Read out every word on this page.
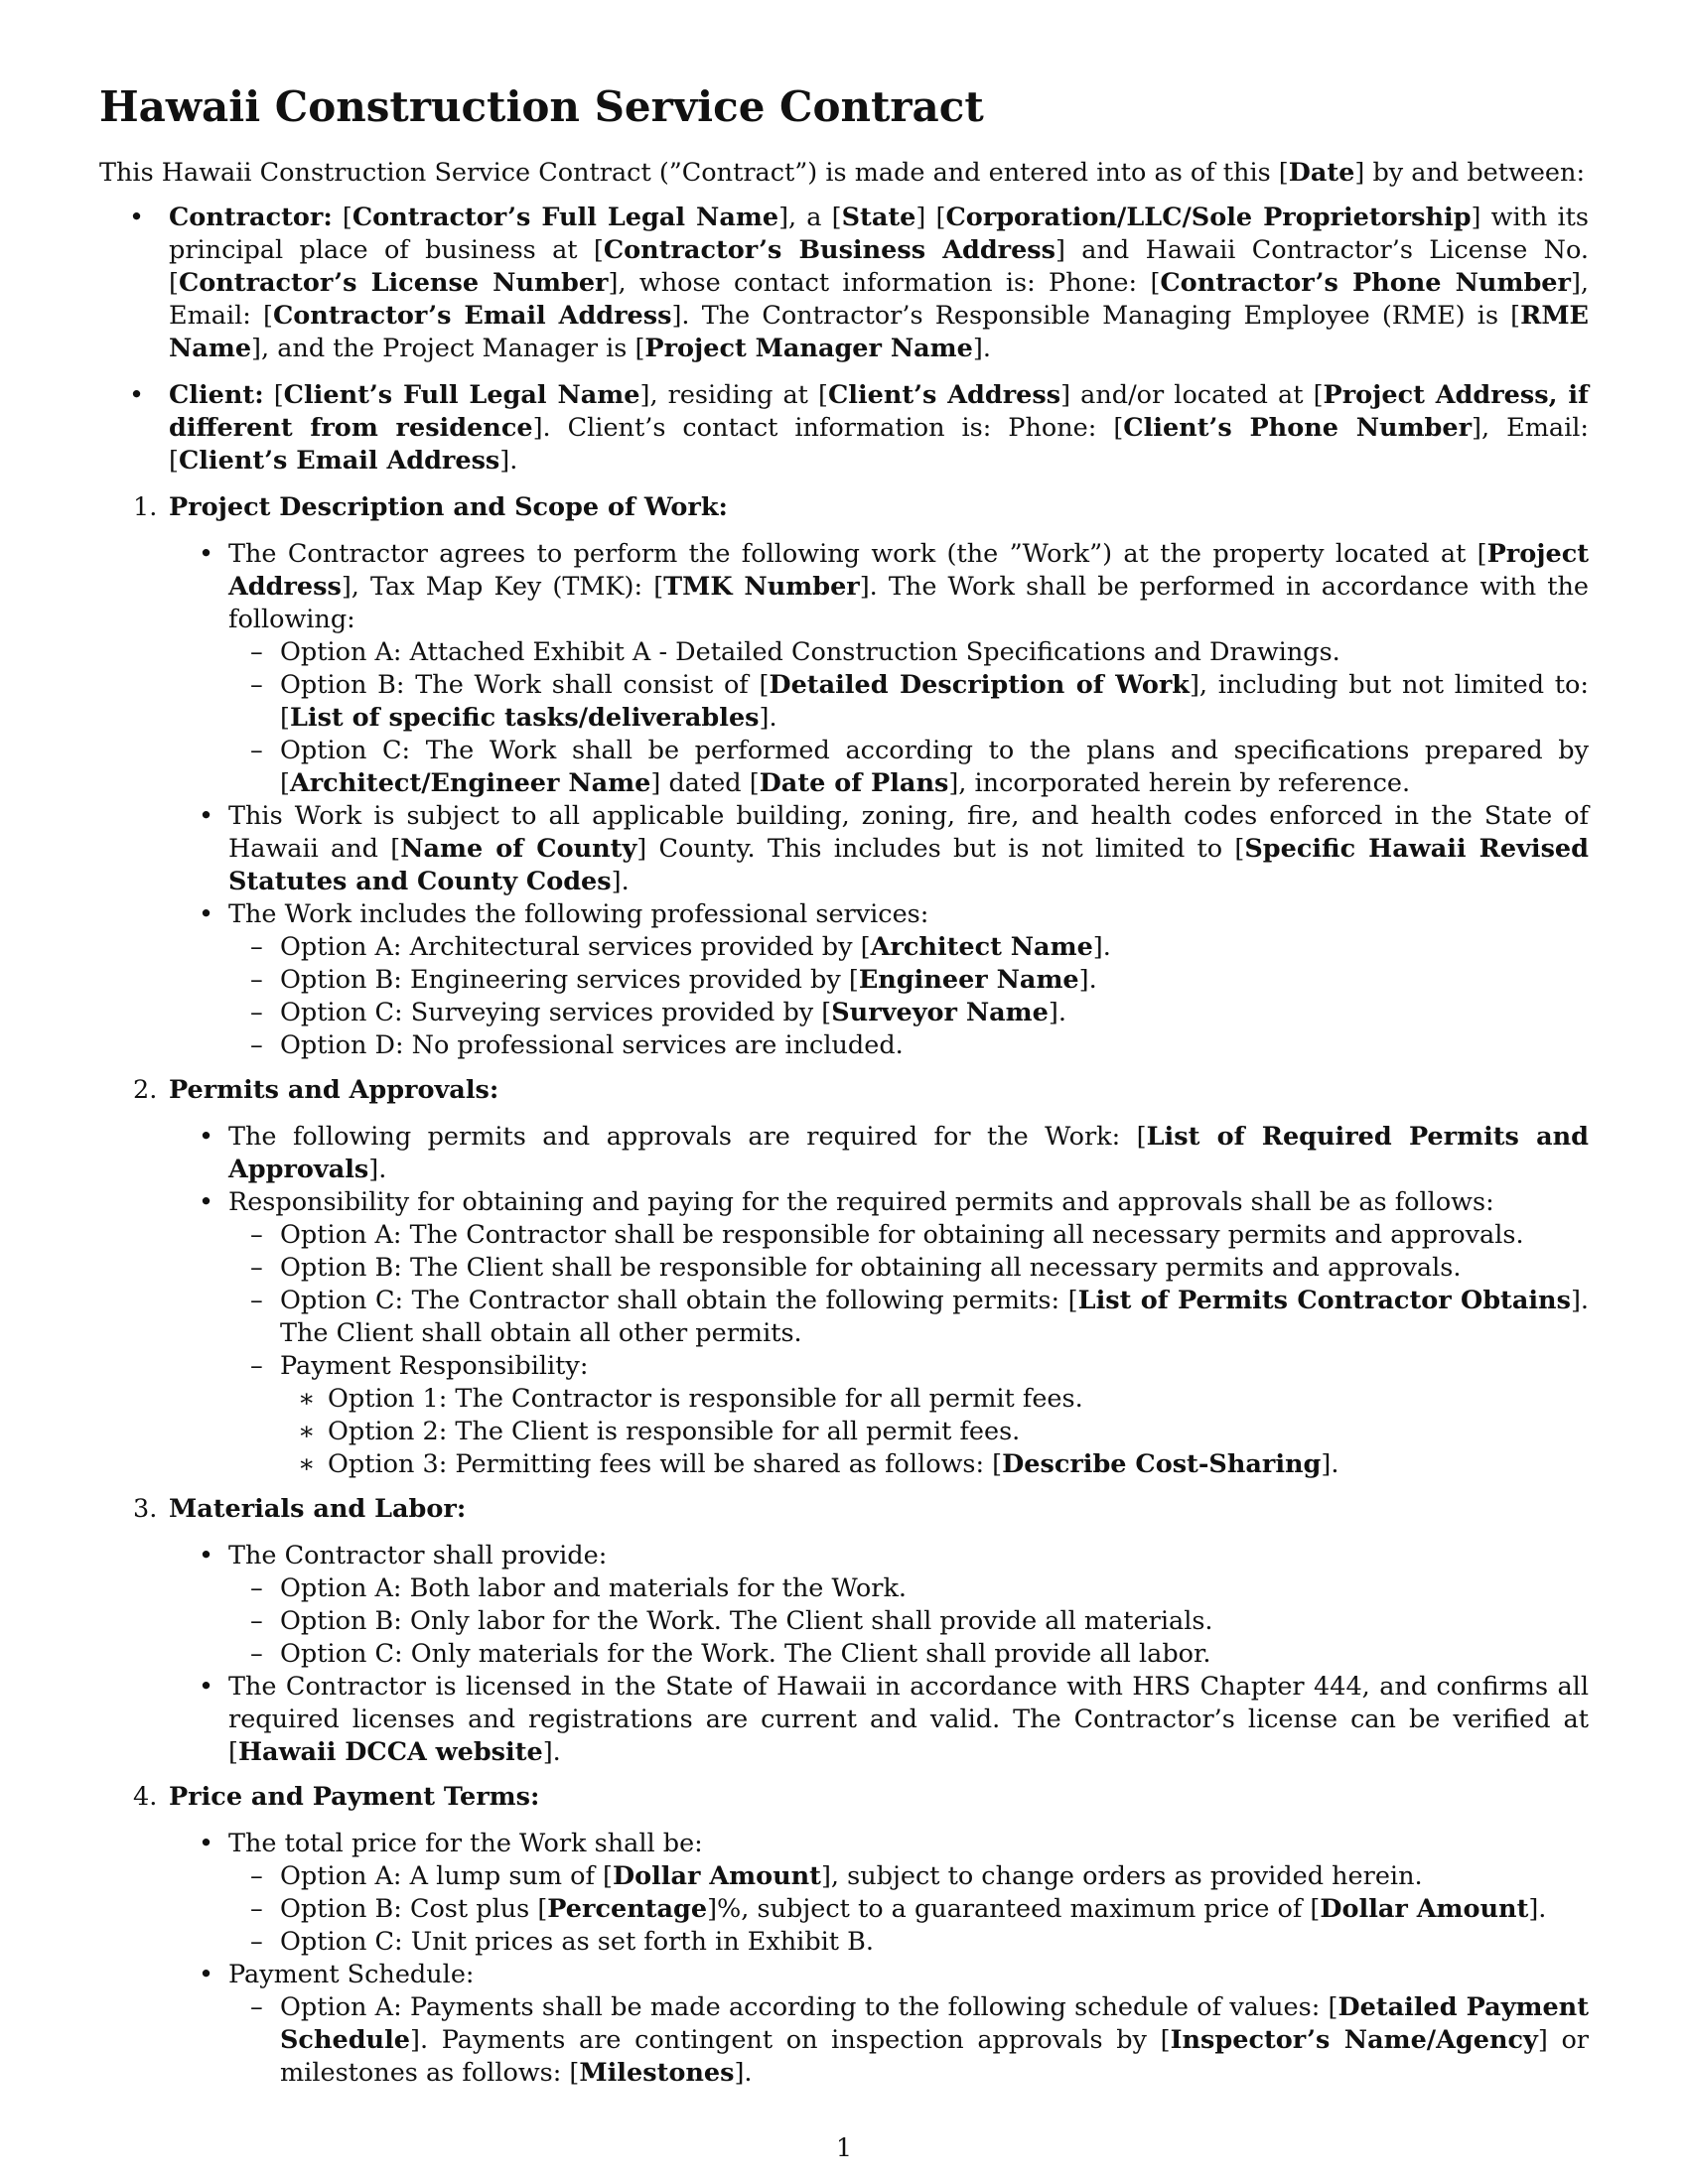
Hawaii Construction Service Contract

This Hawaii Construction Service Contract (”Contract”) is made and entered into as of this [Date] by and between:

• Contractor: [Contractor’s Full Legal Name], a [State] [Corporation/LLC/Sole Proprietorship] with its principal place of business at [Contractor’s Business Address] and Hawaii Contractor’s License No. [Contractor’s License Number], whose contact information is: Phone: [Contractor’s Phone Number], Email: [Contractor’s Email Address]. The Contractor’s Responsible Managing Employee (RME) is [RME Name], and the Project Manager is [Project Manager Name].
• Client: [Client’s Full Legal Name], residing at [Client’s Address] and/or located at [Project Address, if different from residence]. Client’s contact information is: Phone: [Client’s Phone Number], Email: [Client’s Email Address].
1. Project Description and Scope of Work:
• The Contractor agrees to perform the following work (the ”Work”) at the property located at [Project Address], Tax Map Key (TMK): [TMK Number]. The Work shall be performed in accordance with the following:
– Option A: Attached Exhibit A - Detailed Construction Specifications and Drawings.
– Option B: The Work shall consist of [Detailed Description of Work], including but not limited to: [List of specific tasks/deliverables].
– Option C: The Work shall be performed according to the plans and specifications prepared by [Architect/Engineer Name] dated [Date of Plans], incorporated herein by reference.
• This Work is subject to all applicable building, zoning, fire, and health codes enforced in the State of Hawaii and [Name of County] County. This includes but is not limited to [Specific Hawaii Revised Statutes and County Codes].
• The Work includes the following professional services:
– Option A: Architectural services provided by [Architect Name].
– Option B: Engineering services provided by [Engineer Name].
– Option C: Surveying services provided by [Surveyor Name].
– Option D: No professional services are included.
2. Permits and Approvals:
• The following permits and approvals are required for the Work: [List of Required Permits and Approvals].
• Responsibility for obtaining and paying for the required permits and approvals shall be as follows:
– Option A: The Contractor shall be responsible for obtaining all necessary permits and approvals.
– Option B: The Client shall be responsible for obtaining all necessary permits and approvals.
– Option C: The Contractor shall obtain the following permits: [List of Permits Contractor Obtains]. The Client shall obtain all other permits.
– Payment Responsibility:
∗ Option 1: The Contractor is responsible for all permit fees.
∗ Option 2: The Client is responsible for all permit fees.
∗ Option 3: Permitting fees will be shared as follows: [Describe Cost-Sharing].
3. Materials and Labor:
• The Contractor shall provide:
– Option A: Both labor and materials for the Work.
– Option B: Only labor for the Work. The Client shall provide all materials.
– Option C: Only materials for the Work. The Client shall provide all labor.
• The Contractor is licensed in the State of Hawaii in accordance with HRS Chapter 444, and confirms all required licenses and registrations are current and valid. The Contractor’s license can be verified at [Hawaii DCCA website].
4. Price and Payment Terms:
• The total price for the Work shall be:
– Option A: A lump sum of [Dollar Amount], subject to change orders as provided herein.
– Option B: Cost plus [Percentage]%, subject to a guaranteed maximum price of [Dollar Amount].
– Option C: Unit prices as set forth in Exhibit B.
• Payment Schedule:
– Option A: Payments shall be made according to the following schedule of values: [Detailed Payment Schedule]. Payments are contingent on inspection approvals by [Inspector’s Name/Agency] or milestones as follows: [Milestones].
1
